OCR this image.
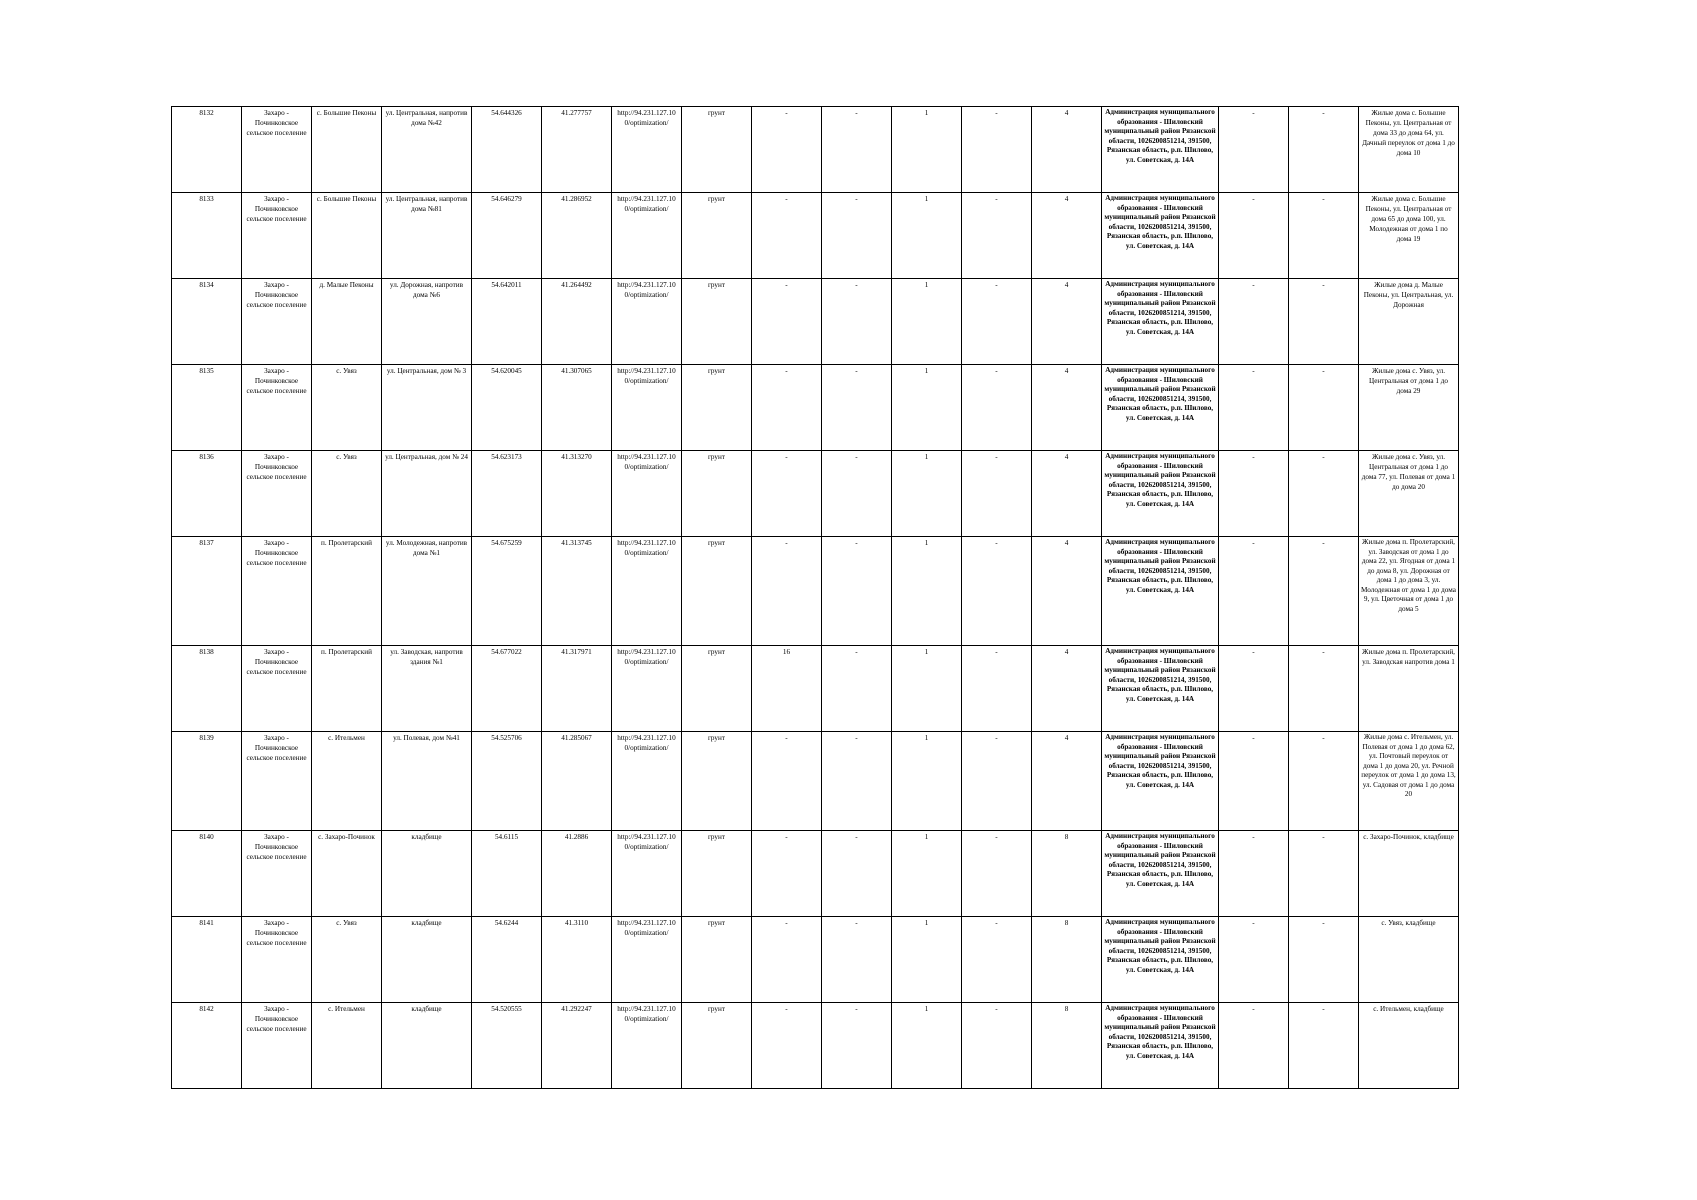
8132	Захаро - Починковское сельское поселение	с. Большие Пеконы	ул. Центральная, напротив дома №42	54.644326	41.277757	http://94.231.127.10 0/optimization/	грунт	-	-	1	-	4	Администрация муниципального образования - Шиловский муниципальный район Рязанской области, 1026200851214, 391500, Рязанская область, р.п. Шилово, ул. Советская, д. 14А	-	-	Жилые дома с. Большие Пеконы, ул. Центральная от дома 33 до дома 64, ул. Дачный переулок от дома 1 до дома 10
8133	Захаро - Починковское сельское поселение	с. Большие Пеконы	ул. Центральная, напротив дома №81	54.646279	41.286952	http://94.231.127.10 0/optimization/	грунт	-	-	1	-	4	Администрация муниципального образования - Шиловский муниципальный район Рязанской области, 1026200851214, 391500, Рязанская область, р.п. Шилово, ул. Советская, д. 14А	-	-	Жилые дома с. Большие Пеконы, ул. Центральная от дома 65 до дома 100, ул. Молодежная от дома 1 по дома 19
8134	Захаро - Починковское сельское поселение	д. Малые Пеконы	ул. Дорожная, напротив дома №6	54.642011	41.264492	http://94.231.127.10 0/optimization/	грунт	-	-	1	-	4	Администрация муниципального образования - Шиловский муниципальный район Рязанской области, 1026200851214, 391500, Рязанская область, р.п. Шилово, ул. Советская, д. 14А	-	-	Жилые дома д. Малые Пеконы, ул. Центральная, ул. Дорожная
8135	Захаро - Починковское сельское поселение	с. Увяз	ул. Центральная, дом № 3	54.620045	41.307065	http://94.231.127.10 0/optimization/	грунт	-	-	1	-	4	Администрация муниципального образования - Шиловский муниципальный район Рязанской области, 1026200851214, 391500, Рязанская область, р.п. Шилово, ул. Советская, д. 14А	-	-	Жилые дома с. Увяз, ул. Центральная от дома 1 до дома 29
8136	Захаро - Починковское сельское поселение	с. Увяз	ул. Центральная, дом № 24	54.623173	41.313270	http://94.231.127.10 0/optimization/	грунт	-	-	1	-	4	Администрация муниципального образования - Шиловский муниципальный район Рязанской области, 1026200851214, 391500, Рязанская область, р.п. Шилово, ул. Советская, д. 14А	-	-	Жилые дома с. Увяз, ул. Центральная от дома 1 до дома 77, ул. Полевая от дома 1 до дома 20
8137	Захаро - Починковское сельское поселение	п. Пролетарский	ул. Молодежная, напротив дома №1	54.675259	41.313745	http://94.231.127.10 0/optimization/	грунт	-	-	1	-	4	Администрация муниципального образования - Шиловский муниципальный район Рязанской области, 1026200851214, 391500, Рязанская область, р.п. Шилово, ул. Советская, д. 14А	-	-	Жилые дома п. Пролетарский, ул. Заводская от дома 1 до дома 22, ул. Ягодная от дома 1 до дома 8, ул. Дорожная от дома 1 до дома 3, ул. Молодежная от дома 1 до дома 9, ул. Цветочная от дома 1 до дома 5
8138	Захаро - Починковское сельское поселение	п. Пролетарский	ул. Заводская, напротив здания №1	54.677022	41.317971	http://94.231.127.10 0/optimization/	грунт	16	-	1	-	4	Администрация муниципального образования - Шиловский муниципальный район Рязанской области, 1026200851214, 391500, Рязанская область, р.п. Шилово, ул. Советская, д. 14А	-	-	Жилые дома п. Пролетарский, ул. Заводская напротив дома 1
8139	Захаро - Починковское сельское поселение	с. Ительмен	ул. Полевая, дом №41	54.525706	41.285067	http://94.231.127.10 0/optimization/	грунт	-	-	1	-	4	Администрация муниципального образования - Шиловский муниципальный район Рязанской области, 1026200851214, 391500, Рязанская область, р.п. Шилово, ул. Советская, д. 14А	-	-	Жилые дома с. Ительмен, ул. Полевая от дома 1 до дома 62, ул. Почтовый переулок от дома 1 до дома 20, ул. Речной переулок от дома 1 до дома 13, ул. Садовая от дома 1 до дома 20
8140	Захаро - Починковское сельское поселение	с. Захаро-Починок	кладбище	54.6115	41.2886	http://94.231.127.10 0/optimization/	грунт	-	-	1	-	8	Администрация муниципального образования - Шиловский муниципальный район Рязанской области, 1026200851214, 391500, Рязанская область, р.п. Шилово, ул. Советская, д. 14А	-	-	с. Захаро-Починок, кладбище
8141	Захаро - Починковское сельское поселение	с. Увяз	кладбище	54.6244	41.3110	http://94.231.127.10 0/optimization/	грунт	-	-	1	-	8	Администрация муниципального образования - Шиловский муниципальный район Рязанской области, 1026200851214, 391500, Рязанская область, р.п. Шилово, ул. Советская, д. 14А	-	-	с. Увяз, кладбище
8142	Захаро - Починковское сельское поселение	с. Ительмен	кладбище	54.520555	41.292247	http://94.231.127.10 0/optimization/	грунт	-	-	1	-	8	Администрация муниципального образования - Шиловский муниципальный район Рязанской области, 1026200851214, 391500, Рязанская область, р.п. Шилово, ул. Советская, д. 14А	-	-	с. Ительмен, кладбище
